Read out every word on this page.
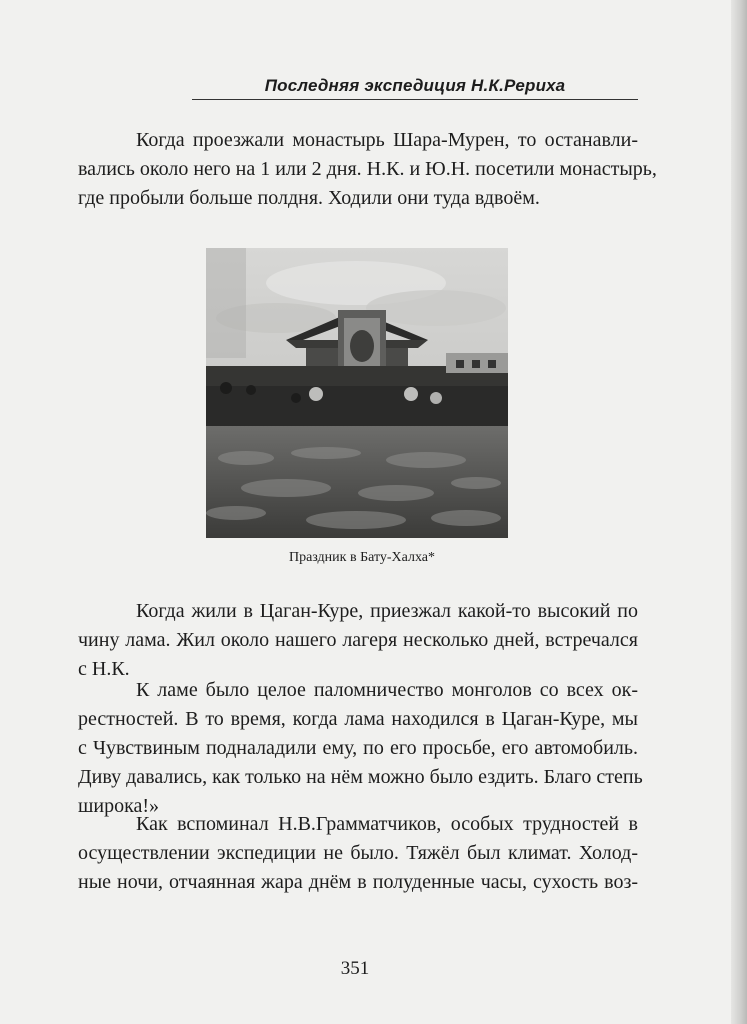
Последняя экспедиция Н.К.Рериха
Когда проезжали монастырь Шара-Мурен, то останавли-
вались около него на 1 или 2 дня. Н.К. и Ю.Н. посетили монастырь,
где пробыли больше полдня. Ходили они туда вдвоём.
Праздник в Бату-Халха*
Когда жили в Цаган-Куре, приезжал какой-то высокий по
чину лама. Жил около нашего лагеря несколько дней, встречался
с Н.К.
К ламе было целое паломничество монголов со всех ок-
рестностей. В то время, когда лама находился в Цаган-Куре, мы
с Чувствиным подналадили ему, по его просьбе, его автомобиль.
Диву давались, как только на нём можно было ездить. Благо степь
широка!»
Как вспоминал Н.В.Грамматчиков, особых трудностей в
осуществлении экспедиции не было. Тяжёл был климат. Холод-
ные ночи, отчаянная жара днём в полуденные часы, сухость воз-
351
